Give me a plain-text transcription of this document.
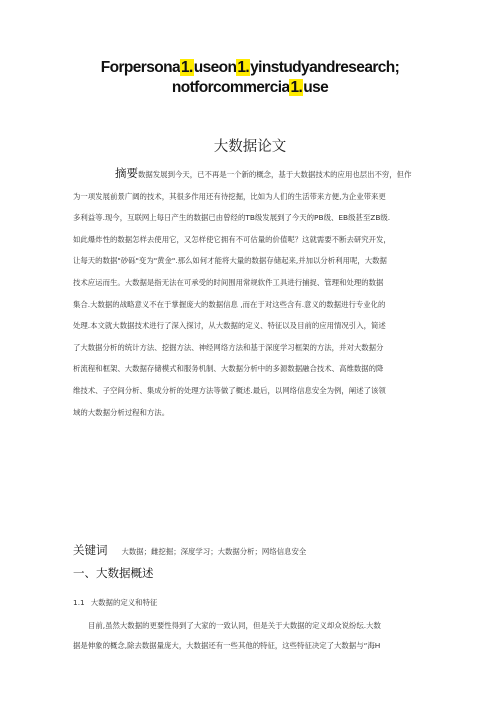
Forpersona1.useon1.yinstudyandresearch;
notforcommercia1.use
大数据论文
摘要数据发展到今天，已不再是一个新的概念，基于大数据技术的应用也层出不穷，但作
为一项发展前景广阔的技术，其很多作用还有待挖掘，比如为人们的生活带来方便,为企业带来更
多利益等.现今，互联网上每日产生的数据已由曾经的TB级发展到了今天的PB级、EB级甚至ZB级.
如此爆炸性的数据怎样去使用它，又怎样使它拥有不可估量的价值呢？这就需要不断去研究开发，
让每天的数据"砂砾"变为"黄金".那么如何才能将大量的数据存储起来,并加以分析利用呢，大数据
技术应运而生。大数据是指无法在可承受的时间围用常规软件工具进行捕捉、管理和处理的数据
集合.大数据的战略意义不在于掌握庞大的数据信息 ,而在于对这些含有.意义的数据进行专业化的
处理.本文就大数据技术进行了深入探讨，从大数据的定义、特征以及目前的应用情况引入，简述
了大数据分析的统计方法、挖掘方法、神经网络方法和基于深度学习框架的方法，并对大数据分
析流程和框架、大数据存储模式和服务机制、大数据分析中的多源数据融合技术、高维数据的降
维技术、子空间分析、集成分析的处理方法等做了概述.最后，以网络信息安全为例，阐述了该领
域的大数据分析过程和方法。
关键词 大数据；雌挖掘；深度学习；大数据分析；网络信息安全
一、大数据概述
1.1 大数据的定义和特征
目前,虽然大数据的更要性得到了大家的一致认同，但是关于大数据的定义却众说纷纭.大数
据是伸象的概念,除去数据量庞大，大数据还有一些其他的特征，这些特征决定了大数据与“海H
